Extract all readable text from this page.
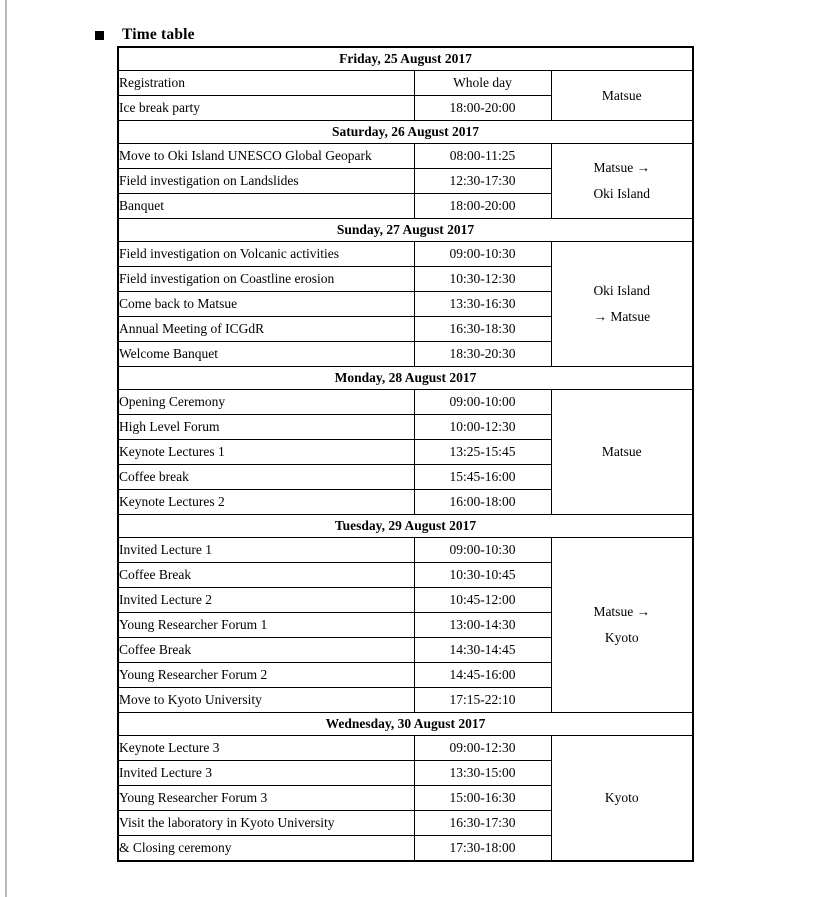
Time table
Friday, 25 August 2017		
Registration	Whole day	Matsue

Ice break party	18:00-20:00	
Saturday, 26 August 2017		
Move to Oki Island UNESCO Global Geopark	08:00-11:25	Matsue →
Oki Island

Field investigation on Landslides	12:30-17:30	
Banquet	18:00-20:00	
Sunday, 27 August 2017		
Field investigation on Volcanic activities	09:00-10:30	Oki Island
→ Matsue

Field investigation on Coastline erosion	10:30-12:30	
Come back to Matsue	13:30-16:30	
Annual Meeting of ICGdR	16:30-18:30	
Welcome Banquet	18:30-20:30	
Monday, 28 August 2017		
Opening Ceremony	09:00-10:00	Matsue

High Level Forum	10:00-12:30	
Keynote Lectures 1	13:25-15:45	
Coffee break	15:45-16:00	
Keynote Lectures 2	16:00-18:00	
Tuesday, 29 August 2017		
Invited Lecture 1	09:00-10:30	Matsue →
Kyoto

Coffee Break	10:30-10:45	
Invited Lecture 2	10:45-12:00	
Young Researcher Forum 1	13:00-14:30	
Coffee Break	14:30-14:45	
Young Researcher Forum 2	14:45-16:00	
Move to Kyoto University	17:15-22:10	
Wednesday, 30 August 2017		
Keynote Lecture 3	09:00-12:30	Kyoto

Invited Lecture 3	13:30-15:00	
Young Researcher Forum 3	15:00-16:30	
Visit the laboratory in Kyoto University	16:30-17:30	
& Closing ceremony	17:30-18:00	
